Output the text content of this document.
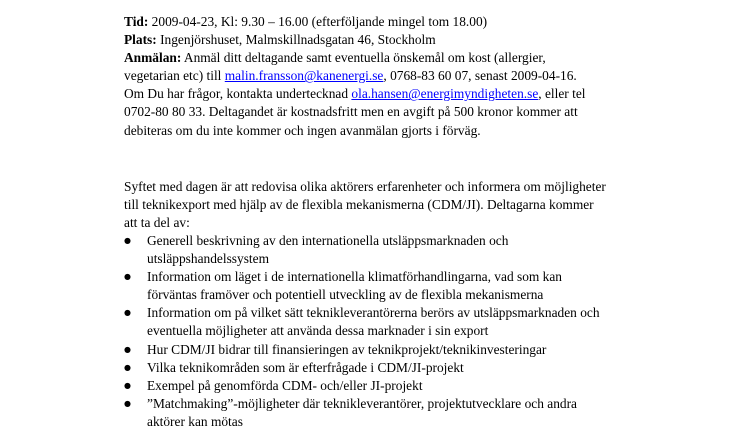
Tid: 2009-04-23, Kl: 9.30 – 16.00 (efterföljande mingel tom 18.00)
Plats: Ingenjörshuset, Malmskillnadsgatan 46, Stockholm
Anmälan: Anmäl ditt deltagande samt eventuella önskemål om kost (allergier,
vegetarian etc) till malin.fransson@kanenergi.se, 0768-83 60 07, senast 2009-04-16.
Om Du har frågor, kontakta undertecknad ola.hansen@energimyndigheten.se, eller tel
0702-80 80 33. Deltagandet är kostnadsfritt men en avgift på 500 kronor kommer att
debiteras om du inte kommer och ingen avanmälan gjorts i förväg.
Syftet med dagen är att redovisa olika aktörers erfarenheter och informera om möjligheter
till teknikexport med hjälp av de flexibla mekanismerna (CDM/JI). Deltagarna kommer
att ta del av:
● Generell beskrivning av den internationella utsläppsmarknaden och
utsläppshandelssystem
● Information om läget i de internationella klimatförhandlingarna, vad som kan
förväntas framöver och potentiell utveckling av de flexibla mekanismerna
● Information om på vilket sätt teknikleverantörerna berörs av utsläppsmarknaden och
eventuella möjligheter att använda dessa marknader i sin export
● Hur CDM/JI bidrar till finansieringen av teknikprojekt/teknikinvesteringar
● Vilka teknikområden som är efterfrågade i CDM/JI-projekt
● Exempel på genomförda CDM- och/eller JI-projekt
● ”Matchmaking”-möjligheter där teknikleverantörer, projektutvecklare och andra
aktörer kan mötas
